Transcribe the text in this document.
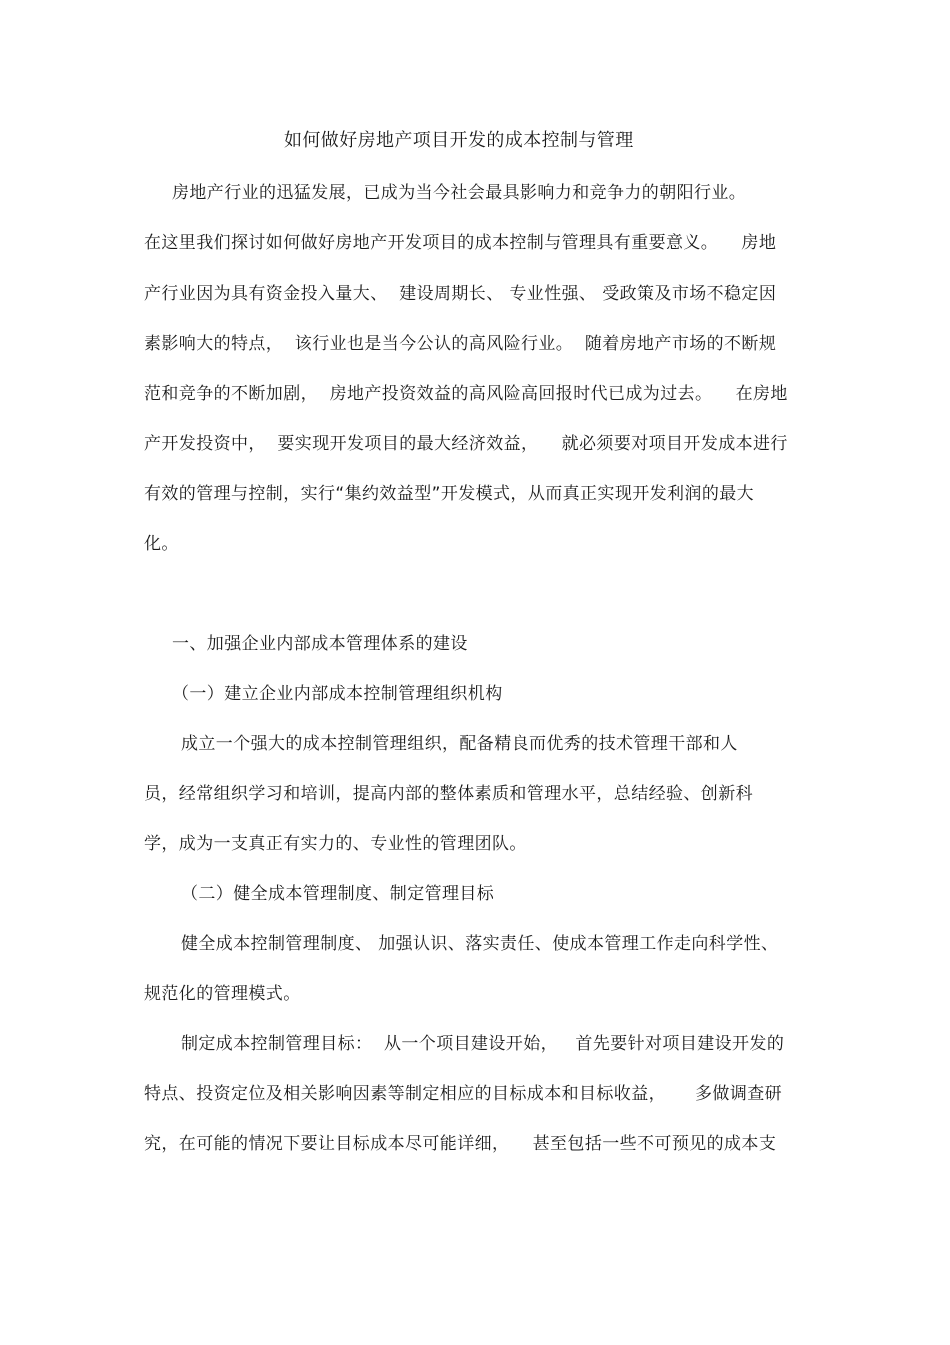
如何做好房地产项目开发的成本控制与管理
房地产行业的迅猛发展，已成为当今社会最具影响力和竞争力的朝阳行业。
在这里我们探讨如何做好房地产开发项目的成本控制与管理具有重要意义。    房地
产行业因为具有资金投入量大、  建设周期长、 专业性强、 受政策及市场不稳定因
素影响大的特点，  该行业也是当今公认的高风险行业。  随着房地产市场的不断规
范和竞争的不断加剧，  房地产投资效益的高风险高回报时代已成为过去。    在房地
产开发投资中，  要实现开发项目的最大经济效益，    就必须要对项目开发成本进行
有效的管理与控制，实行“集约效益型”开发模式，从而真正实现开发利润的最大
化。
一、加强企业内部成本管理体系的建设
（一）建立企业内部成本控制管理组织机构
成立一个强大的成本控制管理组织，配备精良而优秀的技术管理干部和人
员，经常组织学习和培训，提高内部的整体素质和管理水平，总结经验、创新科
学，成为一支真正有实力的、专业性的管理团队。
（二）健全成本管理制度、制定管理目标
健全成本控制管理制度、 加强认识、落实责任、使成本管理工作走向科学性、
规范化的管理模式。
制定成本控制管理目标：  从一个项目建设开始，   首先要针对项目建设开发的
特点、投资定位及相关影响因素等制定相应的目标成本和目标收益，     多做调查研
究，在可能的情况下要让目标成本尽可能详细，    甚至包括一些不可预见的成本支
